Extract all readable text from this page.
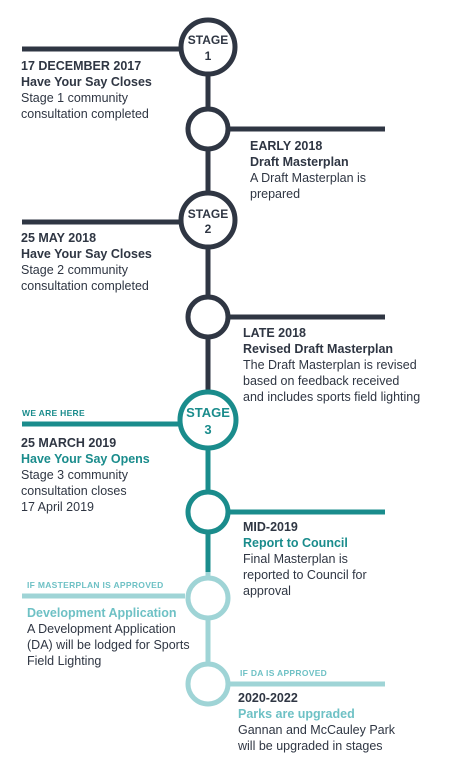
STAGE
1
STAGE
2
STAGE
3
17 DECEMBER 2017
Have Your Say Closes
Stage 1 community
consultation completed
EARLY 2018
Draft Masterplan
A Draft Masterplan is
prepared
25 MAY 2018
Have Your Say Closes
Stage 2 community
consultation completed
LATE 2018
Revised Draft Masterplan
The Draft Masterplan is revised
based on feedback received
and includes sports field lighting
WE ARE HERE
25 MARCH 2019
Have Your Say Opens
Stage 3 community
consultation closes
17 April 2019
MID-2019
Report to Council
Final Masterplan is
reported to Council for
approval
IF MASTERPLAN IS APPROVED
Development Application
A Development Application
(DA) will be lodged for Sports
Field Lighting
IF DA IS APPROVED
2020-2022
Parks are upgraded
Gannan and McCauley Park
will be upgraded in stages
